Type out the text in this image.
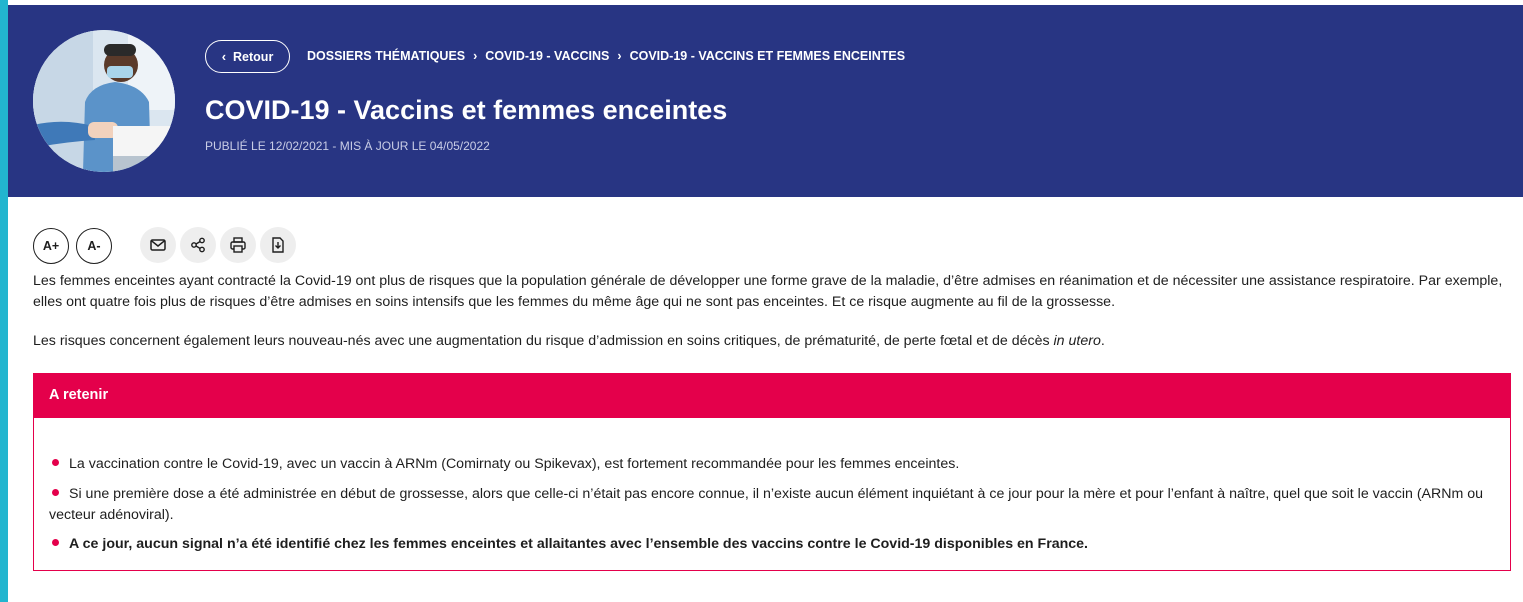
‹ Retour	DOSSIERS THÉMATIQUES › COVID-19 - VACCINS › COVID-19 - VACCINS ET FEMMES ENCEINTES
COVID-19 - Vaccins et femmes enceintes
PUBLIÉ LE 12/02/2021 - MIS À JOUR LE 04/05/2022
A+	A-

Les femmes enceintes ayant contracté la Covid-19 ont plus de risques que la population générale de développer une forme grave de la maladie, d’être admises en réanimation et de nécessiter une assistance respiratoire. Par exemple, elles ont quatre fois plus de risques d’être admises en soins intensifs que les femmes du même âge qui ne sont pas enceintes. Et ce risque augmente au fil de la grossesse.

Les risques concernent également leurs nouveau-nés avec une augmentation du risque d’admission en soins critiques, de prématurité, de perte fœtal et de décès in utero.

A retenir
La vaccination contre le Covid-19, avec un vaccin à ARNm (Comirnaty ou Spikevax), est fortement recommandée pour les femmes enceintes.
Si une première dose a été administrée en début de grossesse, alors que celle-ci n’était pas encore connue, il n’existe aucun élément inquiétant à ce jour pour la mère et pour l’enfant à naître, quel que soit le vaccin (ARNm ou vecteur adénoviral).
A ce jour, aucun signal n’a été identifié chez les femmes enceintes et allaitantes avec l’ensemble des vaccins contre le Covid-19 disponibles en France.
